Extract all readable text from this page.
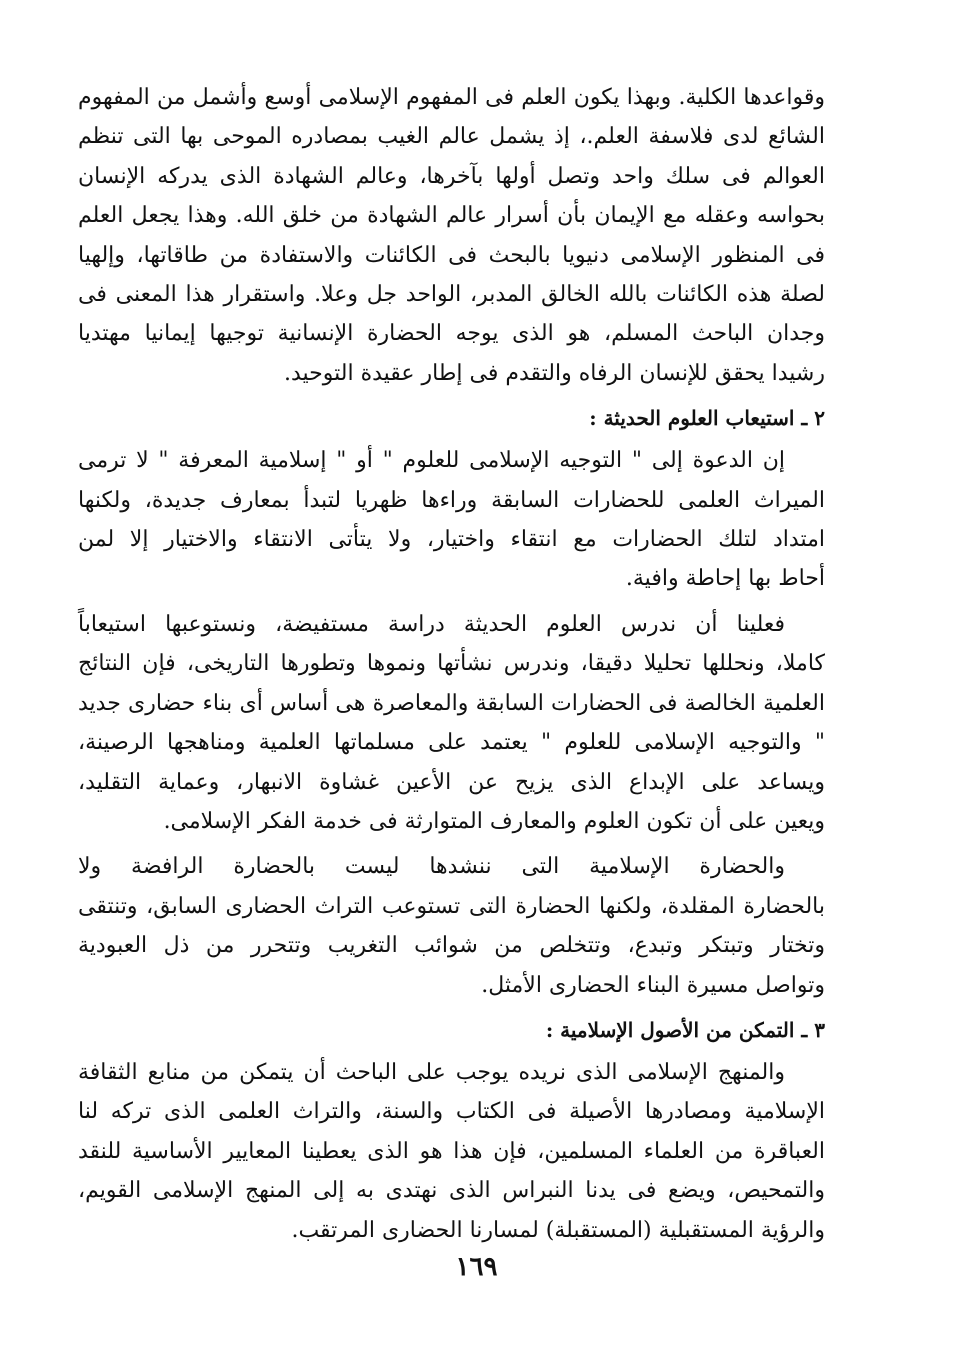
وقواعدها الكلية. وبهذا يكون العلم فى المفهوم الإسلامى أوسع وأشمل من المفهوم
الشائع لدى فلاسفة العلم.، إذ يشمل عالم الغيب بمصادره الموحى بها التى تنظم
العوالم فى سلك واحد وتصل أولها بآخرها، وعالم الشهادة الذى يدركه الإنسان
بحواسه وعقله مع الإيمان بأن أسرار عالم الشهادة من خلق الله. وهذا يجعل العلم
فى المنظور الإسلامى دنيويا بالبحث فى الكائنات والاستفادة من طاقاتها، وإلهيا
لصلة هذه الكائنات بالله الخالق المدبر، الواحد جل وعلا. واستقرار هذا المعنى فى
وجدان الباحث المسلم، هو الذى يوجه الحضارة الإنسانية توجيها إيمانيا مهتديا
رشيدا يحقق للإنسان الرفاه والتقدم فى إطار عقيدة التوحيد.

٢ ـ استيعاب العلوم الحديثة :

إن الدعوة إلى " التوجيه الإسلامى للعلوم " أو " إسلامية المعرفة " لا ترمى
الميراث العلمى للحضارات السابقة وراءها ظهريا لتبدأ بمعارف جديدة، ولكنها
امتداد لتلك الحضارات مع انتقاء واختيار، ولا يتأتى الانتقاء والاختيار إلا لمن
أحاط بها إحاطة وافية.

فعلينا أن ندرس العلوم الحديثة دراسة مستفيضة، ونستوعبها استيعاباً
كاملا، ونحللها تحليلا دقيقا، وندرس نشأتها ونموها وتطورها التاريخى، فإن النتائج
العلمية الخالصة فى الحضارات السابقة والمعاصرة هى أساس أى بناء حضارى جديد
" والتوجيه الإسلامى للعلوم " يعتمد على مسلماتها العلمية ومناهجها الرصينة،
ويساعد على الإبداع الذى يزيح عن الأعين غشاوة الانبهار، وعماية التقليد،
ويعين على أن تكون العلوم والمعارف المتوارثة فى خدمة الفكر الإسلامى.

والحضارة الإسلامية التى ننشدها ليست بالحضارة الرافضة ولا
بالحضارة المقلدة، ولكنها الحضارة التى تستوعب التراث الحضارى السابق، وتنتقى
وتختار وتبتكر وتبدع، وتتخلص من شوائب التغريب وتتحرر من ذل العبودية
وتواصل مسيرة البناء الحضارى الأمثل.

٣ ـ التمكن من الأصول الإسلامية :

والمنهج الإسلامى الذى نريده يوجب على الباحث أن يتمكن من منابع الثقافة
الإسلامية ومصادرها الأصيلة فى الكتاب والسنة، والتراث العلمى الذى تركه لنا
العباقرة من العلماء المسلمين، فإن هذا هو الذى يعطينا المعايير الأساسية للنقد
والتمحيص، ويضع فى يدنا النبراس الذى نهتدى به إلى المنهج الإسلامى القويم،
والرؤية المستقبلية (المستقبلة) لمسارنا الحضارى المرتقب.

١٦٩
